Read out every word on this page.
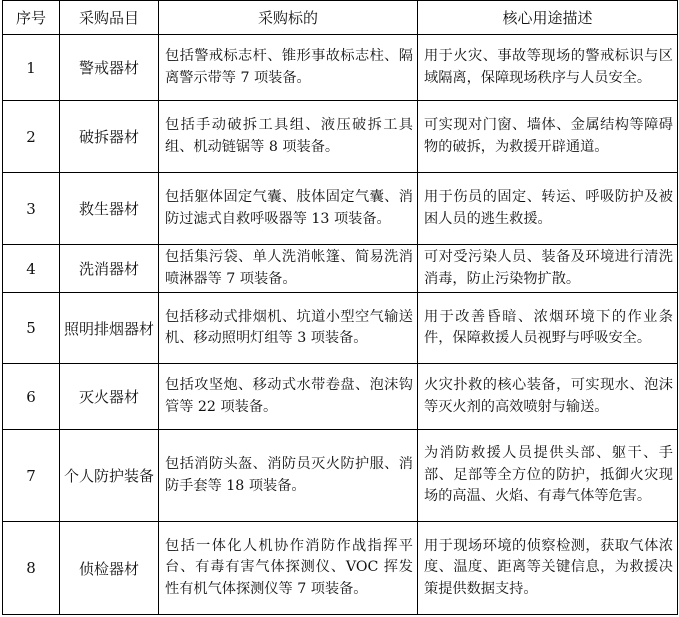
序号	采购品目	采购标的	核心用途描述
1	警戒器材	包括警戒标志杆、锥形事故标志柱、隔离警示带等 7 项装备。	用于火灾、事故等现场的警戒标识与区域隔离，保障现场秩序与人员安全。
2	破拆器材	包括手动破拆工具组、液压破拆工具组、机动链锯等 8 项装备。	可实现对门窗、墙体、金属结构等障碍物的破拆，为救援开辟通道。
3	救生器材	包括躯体固定气囊、肢体固定气囊、消防过滤式自救呼吸器等 13 项装备。	用于伤员的固定、转运、呼吸防护及被困人员的逃生救援。
4	洗消器材	包括集污袋、单人洗消帐篷、简易洗消喷淋器等 7 项装备。	可对受污染人员、装备及环境进行清洗消毒，防止污染物扩散。
5	照明排烟器材	包括移动式排烟机、坑道小型空气输送机、移动照明灯组等 3 项装备。	用于改善昏暗、浓烟环境下的作业条件，保障救援人员视野与呼吸安全。
6	灭火器材	包括攻坚炮、移动式水带卷盘、泡沫钩管等 22 项装备。	火灾扑救的核心装备，可实现水、泡沫等灭火剂的高效喷射与输送。
7	个人防护装备	包括消防头盔、消防员灭火防护服、消防手套等 18 项装备。	为消防救援人员提供头部、躯干、手部、足部等全方位的防护，抵御火灾现场的高温、火焰、有毒气体等危害。
8	侦检器材	包括一体化人机协作消防作战指挥平台、有毒有害气体探测仪、VOC 挥发性有机气体探测仪等 7 项装备。	用于现场环境的侦察检测，获取气体浓度、温度、距离等关键信息，为救援决策提供数据支持。
